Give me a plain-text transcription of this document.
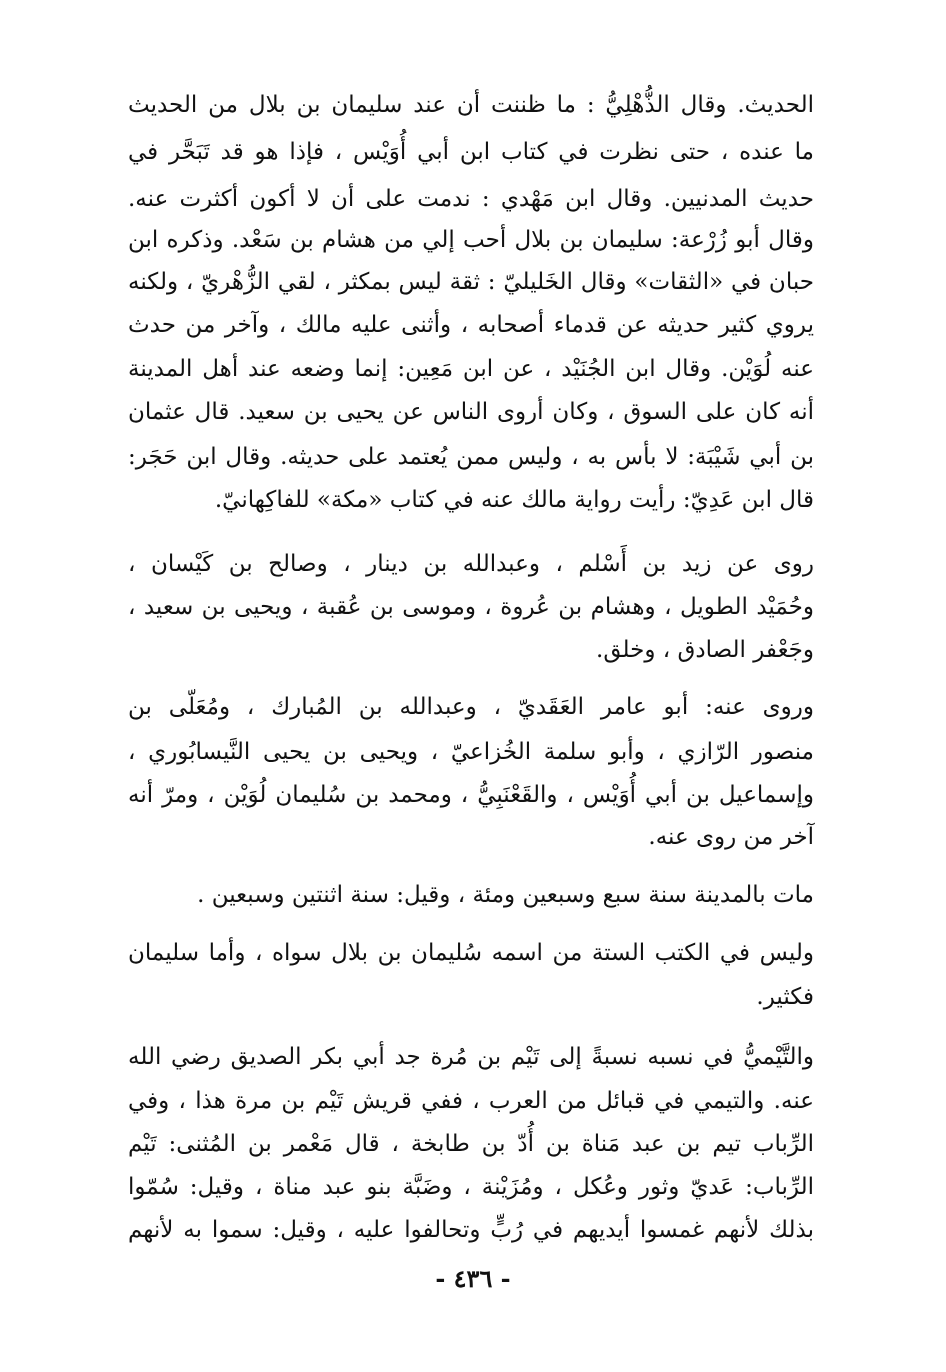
الحديث. وقال الذُّهْلِيُّ : ما ظننت أن عند سليمان بن بلال من الحديث
ما عنده ، حتى نظرت في كتاب ابن أبي أُوَيْس ، فإذا هو قد تَبَحَّر في
حديث المدنيين. وقال ابن مَهْدي : ندمت على أن لا أكون أكثرت عنه.
وقال أبو زُرْعة: سليمان بن بلال أحب إلي من هشام بن سَعْد. وذكره ابن
حبان في «الثقات» وقال الخَليليّ : ثقة ليس بمكثر ، لقي الزُّهْريّ ، ولكنه
يروي كثير حديثه عن قدماء أصحابه ، وأثنى عليه مالك ، وآخر من حدث
عنه لُوَيْن. وقال ابن الجُنَيْد ، عن ابن مَعِين: إنما وضعه عند أهل المدينة
أنه كان على السوق ، وكان أروى الناس عن يحيى بن سعيد. قال عثمان
بن أبي شَيْبَة: لا بأس به ، وليس ممن يُعتمد على حديثه. وقال ابن حَجَر:
قال ابن عَدِيّ: رأيت رواية مالك عنه في كتاب «مكة» للفاكِهانيّ.
روى عن زيد بن أَسْلم ، وعبدالله بن دينار ، وصالح بن كَيْسان ،
وحُمَيْد الطويل ، وهشام بن عُروة ، وموسى بن عُقبة ، ويحيى بن سعيد ،
وجَعْفر الصادق ، وخلق.
وروى عنه: أبو عامر العَقَديّ ، وعبدالله بن المُبارك ، ومُعَلّى بن
منصور الرّازي ، وأبو سلمة الخُزاعيّ ، ويحيى بن يحيى النَّيسابُوري ،
وإسماعيل بن أبي أُوَيْس ، والقَعْنَبِيُّ ، ومحمد بن سُليمان لُوَيْن ، ومرّ أنه
آخر من روى عنه.
مات بالمدينة سنة سبع وسبعين ومئة ، وقيل: سنة اثنتين وسبعين .
وليس في الكتب الستة من اسمه سُليمان بن بلال سواه ، وأما سليمان
فكثير.
والتَّيْميُّ في نسبه نسبةً إلى تَيْم بن مُرة جد أبي بكر الصديق رضي الله
عنه. والتيمي في قبائل من العرب ، ففي قريش تَيْم بن مرة هذا ، وفي
الرِّباب تيم بن عبد مَناة بن أُدّ بن طابخة ، قال مَعْمر بن المُثنى: تَيْم
الرِّباب: عَديّ وثور وعُكل ، ومُزَيْنة ، وضَبَّة بنو عبد مناة ، وقيل: سُمّوا
بذلك لأنهم غمسوا أيديهم في رُبٍّ وتحالفوا عليه ، وقيل: سموا به لأنهم
- ٤٣٦ -
